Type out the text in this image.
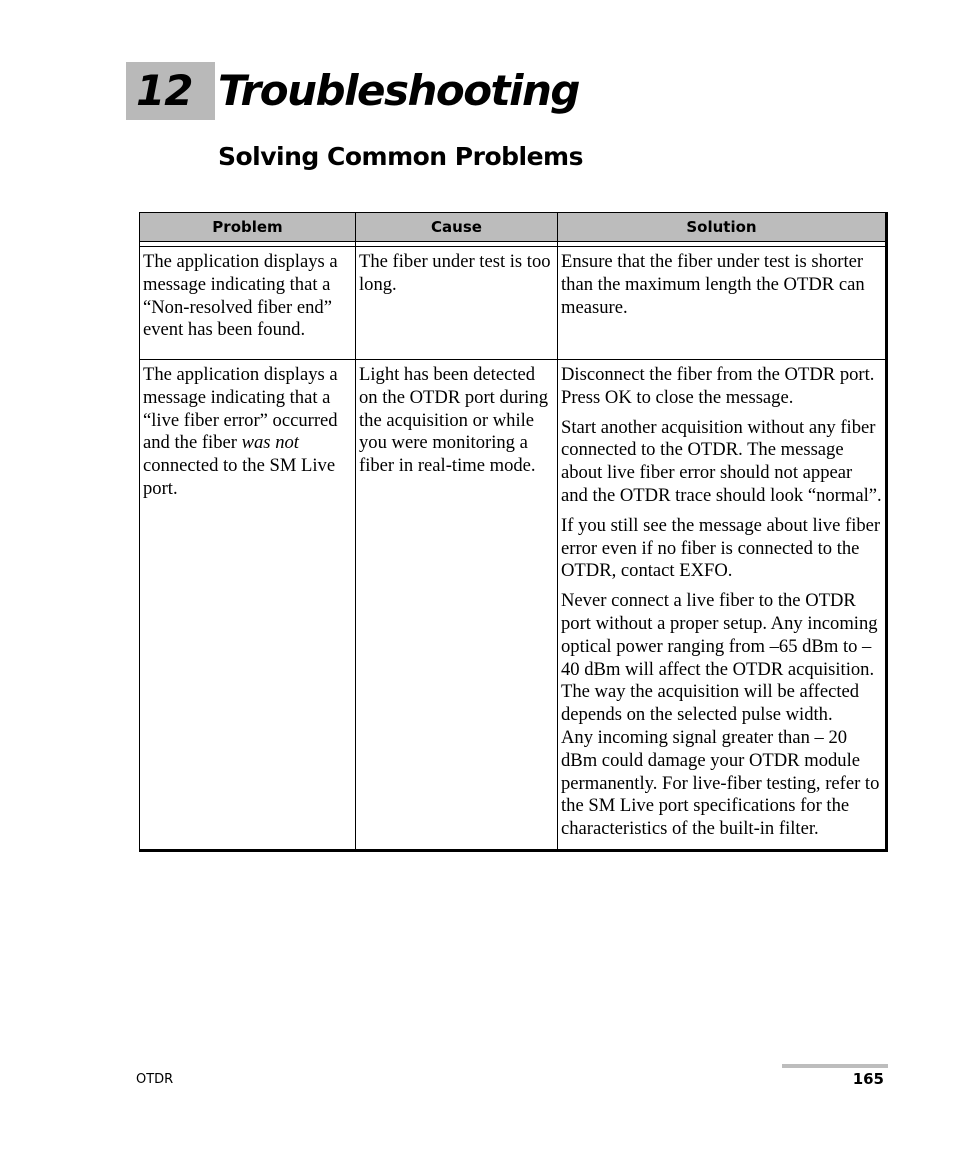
12 Troubleshooting
Solving Common Problems
Problem	Cause	Solution

The application displays a message indicating that a “Non-resolved fiber end” event has been found.	The fiber under test is too long.	Ensure that the fiber under test is shorter than the maximum length the OTDR can measure.

The application displays a message indicating that a “live fiber error” occurred and the fiber was not connected to the SM Live port.	Light has been detected on the OTDR port during the acquisition or while you were monitoring a fiber in real-time mode.	Disconnect the fiber from the OTDR port. Press OK to close the message.

Start another acquisition without any fiber connected to the OTDR. The message about live fiber error should not appear and the OTDR trace should look “normal”.

If you still see the message about live fiber error even if no fiber is connected to the OTDR, contact EXFO.

Never connect a live fiber to the OTDR port without a proper setup. Any incoming optical power ranging from –65 dBm to –40 dBm will affect the OTDR acquisition. The way the acquisition will be affected depends on the selected pulse width.

Any incoming signal greater than – 20 dBm could damage your OTDR module permanently. For live-fiber testing, refer to the SM Live port specifications for the characteristics of the built-in filter.

OTDR	165
